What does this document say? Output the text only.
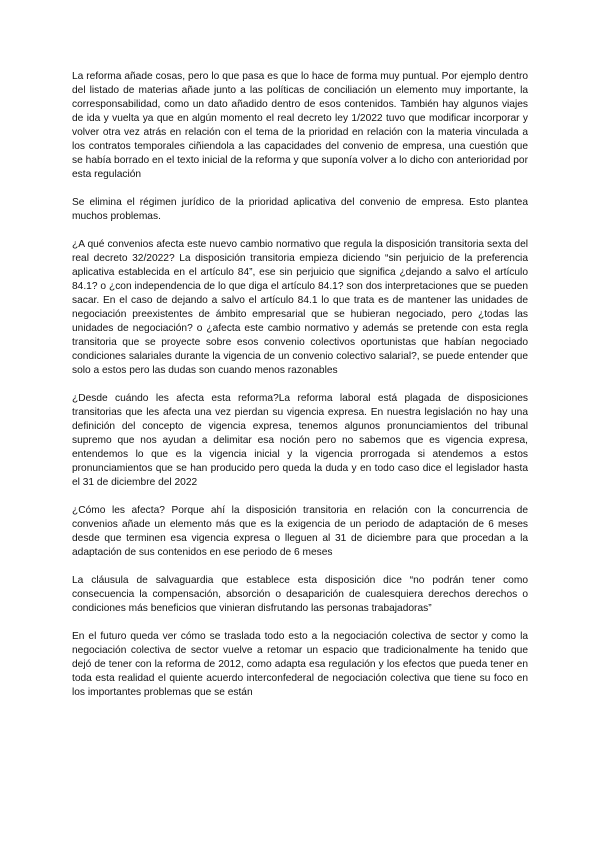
La reforma añade cosas, pero lo que pasa es que lo hace de forma muy puntual. Por ejemplo dentro del listado de materias añade junto a las políticas de conciliación un elemento muy importante, la corresponsabilidad, como un dato añadido dentro de esos contenidos. También hay algunos viajes de ida y vuelta ya que en algún momento el real decreto ley 1/2022 tuvo que modificar incorporar y volver otra vez atrás en relación con el tema de la prioridad en relación con la materia vinculada a los contratos temporales ciñiendola a las capacidades del convenio de empresa, una cuestión que se había borrado en el texto inicial de la reforma y que suponía volver a lo dicho con anterioridad por esta regulación

Se elimina el régimen jurídico de la prioridad aplicativa del convenio de empresa. Esto plantea muchos problemas.

¿A qué convenios afecta este nuevo cambio normativo que regula la disposición transitoria sexta del real decreto 32/2022? La disposición transitoria empieza diciendo “sin perjuicio de la preferencia aplicativa establecida en el artículo 84”, ese sin perjuicio que significa ¿dejando a salvo el artículo 84.1? o ¿con independencia de lo que diga el artículo 84.1? son dos interpretaciones que se pueden sacar. En el caso de dejando a salvo el artículo 84.1 lo que trata es de mantener las unidades de negociación preexistentes de ámbito empresarial que se hubieran negociado, pero ¿todas las unidades de negociación? o ¿afecta este cambio normativo y además se pretende con esta regla transitoria que se proyecte sobre esos convenio colectivos oportunistas que habían negociado condiciones salariales durante la vigencia de un convenio colectivo salarial?, se puede entender que solo a estos pero las dudas son cuando menos razonables

¿Desde cuándo les afecta esta reforma?La reforma laboral está plagada de disposiciones transitorias que les afecta una vez pierdan su vigencia expresa. En nuestra legislación no hay una definición del concepto de vigencia expresa, tenemos algunos pronunciamientos del tribunal supremo que nos ayudan a delimitar esa noción pero no sabemos que es vigencia expresa, entendemos lo que es la vigencia inicial y la vigencia prorrogada si atendemos a estos pronunciamientos que se han producido pero queda la duda y en todo caso dice el legislador hasta el 31 de diciembre del 2022

¿Cómo les afecta? Porque ahí la disposición transitoria en relación con la concurrencia de convenios añade un elemento más que es la exigencia de un periodo de adaptación de 6 meses desde que terminen esa vigencia expresa o lleguen al 31 de diciembre para que procedan a la adaptación de sus contenidos en ese periodo de 6 meses

La cláusula de salvaguardia que establece esta disposición dice “no podrán tener como consecuencia la compensación, absorción o desaparición de cualesquiera derechos derechos o condiciones más beneficios que vinieran disfrutando las personas trabajadoras”

En el futuro queda ver cómo se traslada todo esto a la negociación colectiva de sector y como la negociación colectiva de sector vuelve a retomar un espacio que tradicionalmente ha tenido que dejó de tener con la reforma de 2012, como adapta esa regulación y los efectos que pueda tener en toda esta realidad el quiente acuerdo interconfederal de negociación colectiva que tiene su foco en los importantes problemas que se están
